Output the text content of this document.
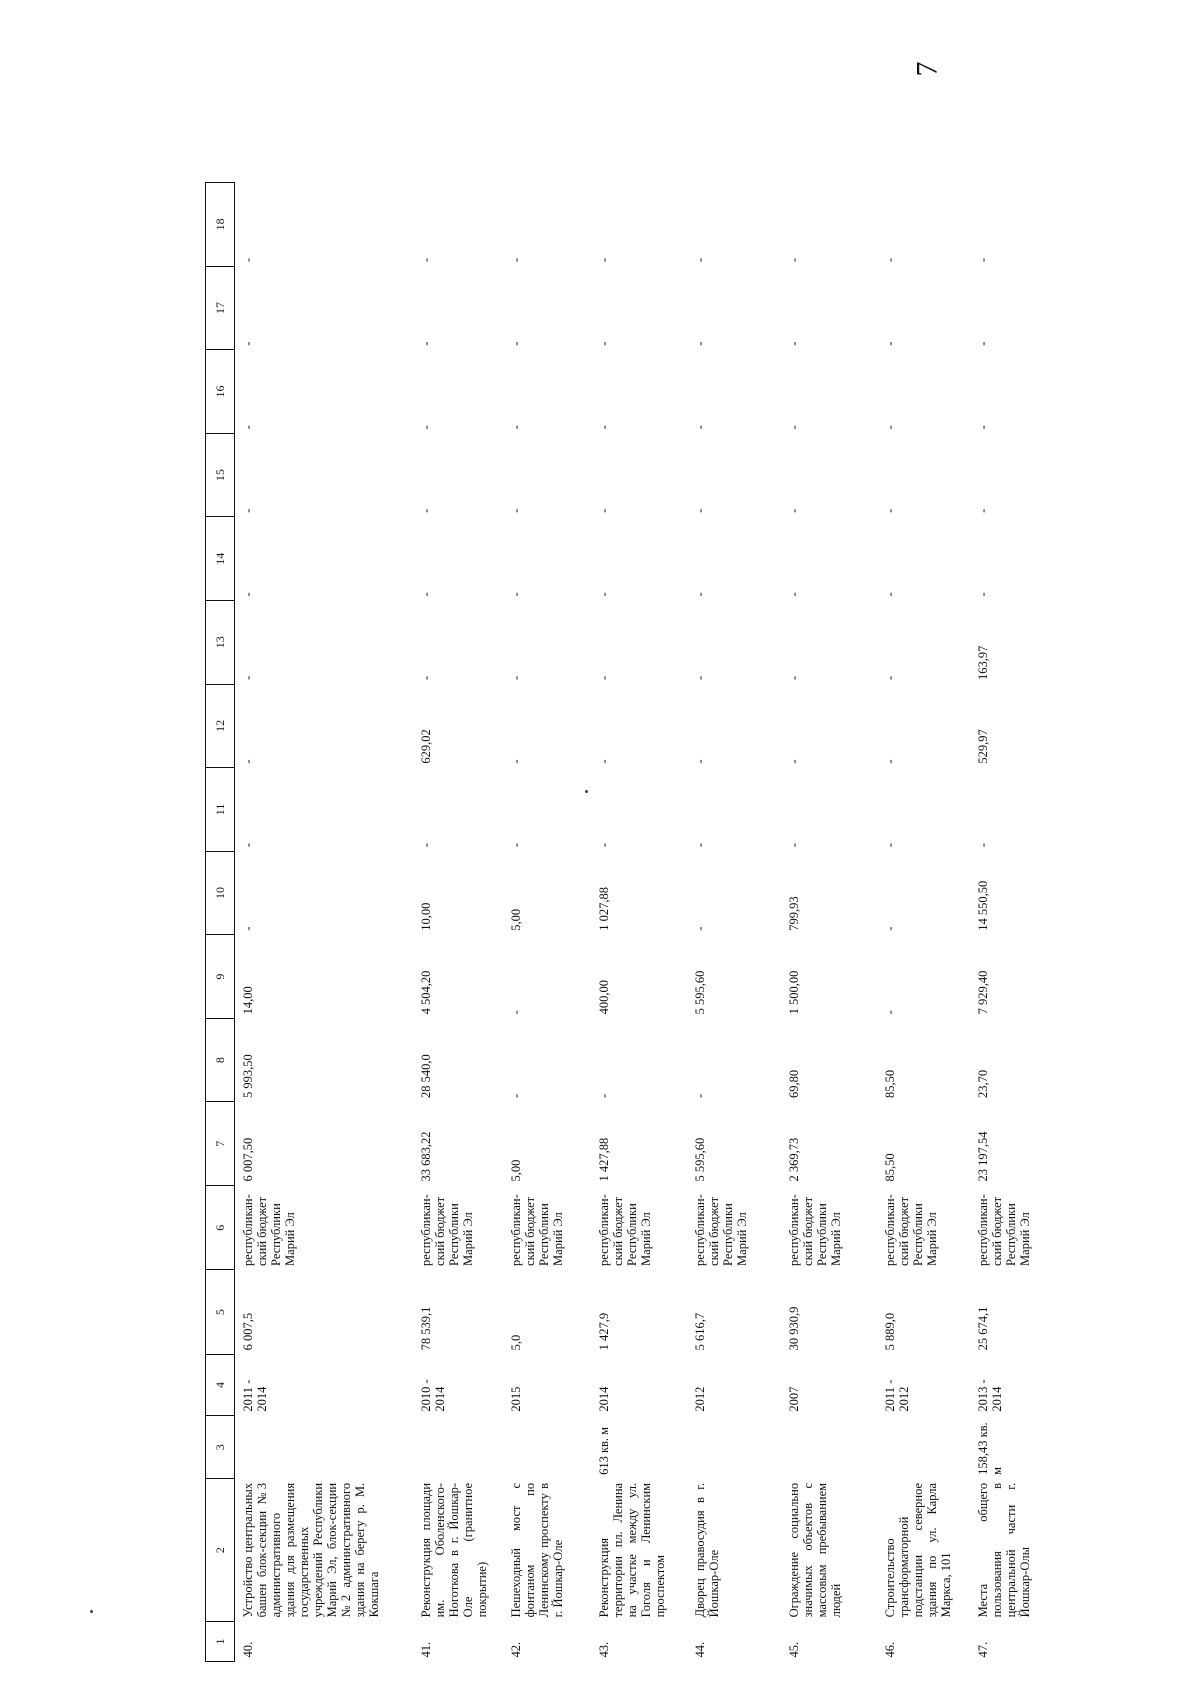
7
1	2	3	4	5	6	7	8	9	10	11	12	13	14	15	16	17	18
40.	Устройство центральных башен блок-секции №3 административного здания для размещения государственных учреждений Республики Марий Эл, блок-секции №2 административного здания на берегу р. М. Кокшага		2011 - 2014	6 007,5	республикан-ский бюджет Республики Марий Эл	6 007,50	5 993,50	14,00	-	-	-	-	-	-	-	-	-
41.	Реконструкция площади им. Оболенского-Ноготкова в г. Йошкар-Оле (гранитное покрытие)		2010 - 2014	78 539,1	республикан-ский бюджет Республики Марий Эл	33 683,22	28 540,0	4 504,20	10,00	-	629,02	-	-	-	-	-	-
42.	Пешеходный мост с фонтаном по Ленинскому проспекту в г. Йошкар-Оле		2015	5,0	республикан-ский бюджет Республики Марий Эл	5,00	-	-	5,00	-	-	-	-	-	-	-	-
43.	Реконструкция территории пл. Ленина на участке между ул. Гоголя и Ленинским проспектом	613 кв. м	2014	1 427,9	республикан-ский бюджет Республики Марий Эл	1 427,88	-	400,00	1 027,88	-	-	-	-	-	-	-	-
44.	Дворец правосудия в г. Йошкар-Оле		2012	5 616,7	республикан-ский бюджет Республики Марий Эл	5 595,60	-	5 595,60	-	-	-	-	-	-	-	-	-
45.	Ограждение социально значимых объектов с массовым пребыванием людей		2007	30 930,9	республикан-ский бюджет Республики Марий Эл	2 369,73	69,80	1 500,00	799,93	-	-	-	-	-	-	-	-
46.	Строительство трансформаторной подстанции северное здания по ул. Карла Маркса, 101		2011 - 2012	5 889,0	республикан-ский бюджет Республики Марий Эл	85,50	85,50	-	-	-	-	-	-	-	-	-	-
47.	Места общего пользования в центральной части г. Йошкар-Олы	158,43 кв. м	2013 - 2014	25 674,1	республикан-ский бюджет Республики Марий Эл	23 197,54	23,70	7 929,40	14 550,50	-	529,97	163,97	-	-	-	-	-
